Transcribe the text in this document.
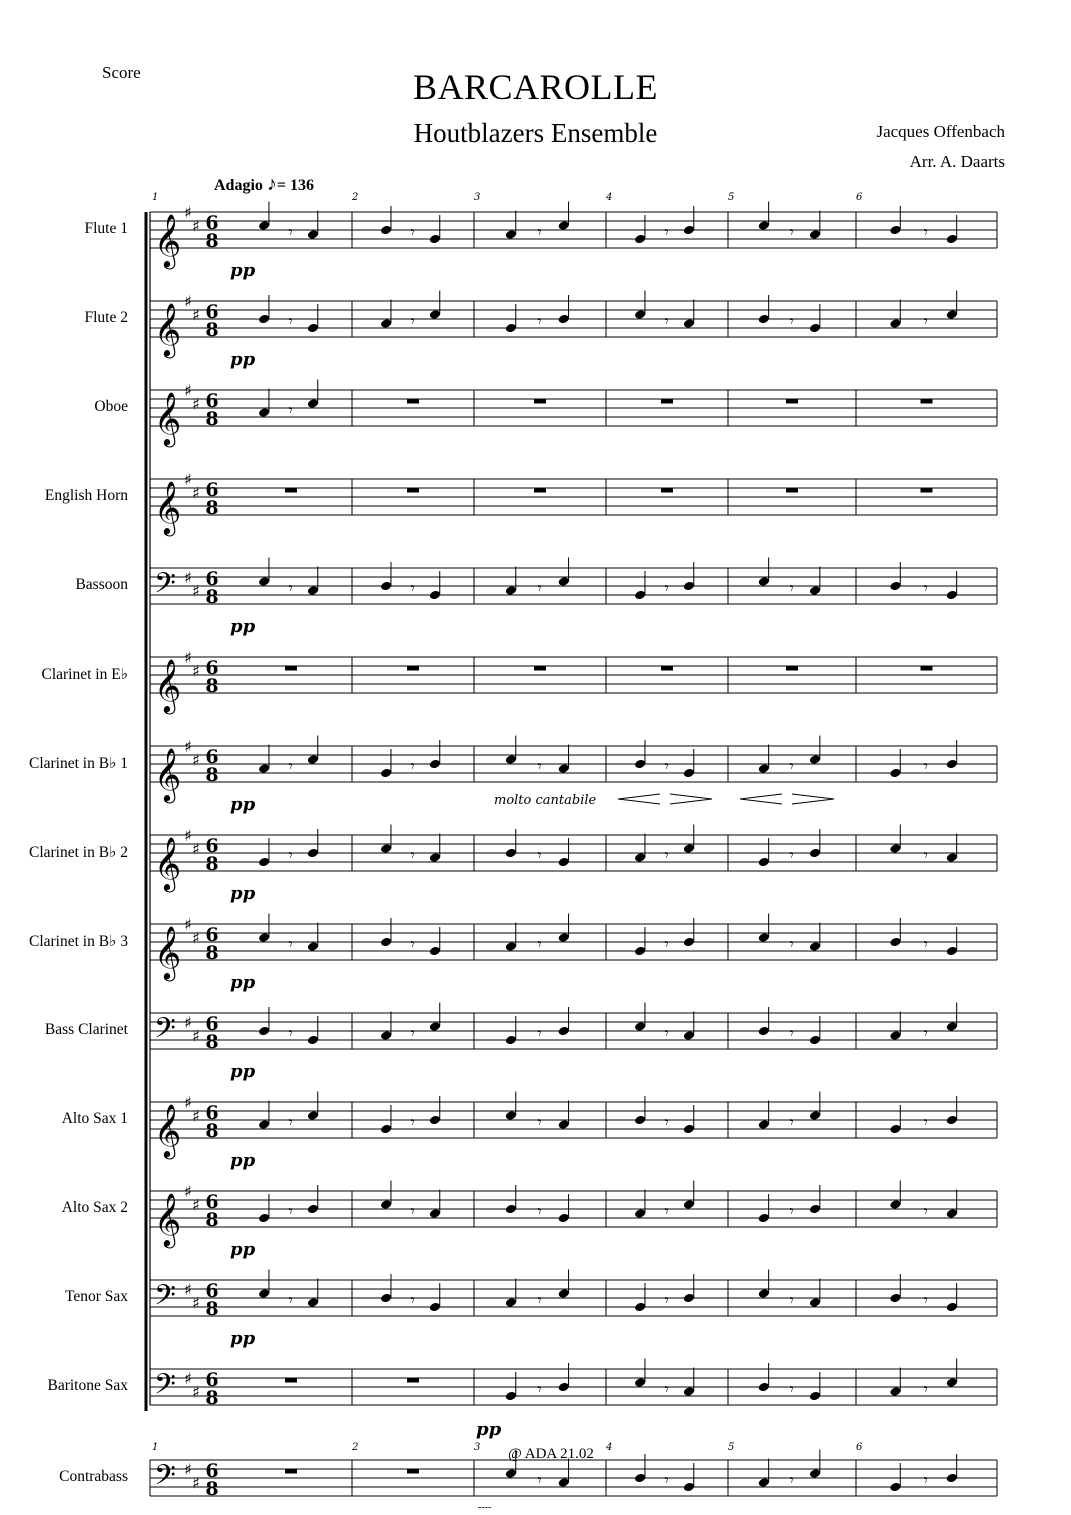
Score	BARCAROLLE
Houtblazers Ensemble	Jacques Offenbach
Arr. A. Daarts
Adagio ♪= 136
Flute 1
Flute 2
Oboe
English Horn
Bassoon
Clarinet in E♭
Clarinet in B♭ 1
Clarinet in B♭ 2
Clarinet in B♭ 3
Bass Clarinet
Alto Sax 1
Alto Sax 2
Tenor Sax
Baritone Sax
Contrabass
𝄞
♯
♯ 6
8	𝄾	𝄾	𝄾	𝄾	𝄾	𝄾
pp
𝄞
♯
♯ 6
8	𝄾	𝄾	𝄾	𝄾	𝄾	𝄾
pp
𝄞
♯
♯ 6
8	𝄾
𝄞
♯
♯ 6
8
𝄢 ♯
♯
6
8	𝄾	𝄾	𝄾	𝄾	𝄾	𝄾
pp
𝄞
♯
♯ 6
8
𝄞
♯
♯ 6
8	𝄾	𝄾	𝄾	𝄾	𝄾	𝄾
pp
𝄞
♯
♯ 6
8	𝄾	𝄾	𝄾	𝄾	𝄾	𝄾
pp
𝄞
♯
♯ 6
8	𝄾	𝄾	𝄾	𝄾	𝄾	𝄾
pp
𝄢 ♯
♯
6
8	𝄾	𝄾	𝄾	𝄾	𝄾	𝄾
pp
𝄞
♯
♯ 6
8	𝄾	𝄾	𝄾	𝄾	𝄾	𝄾
pp
𝄞
♯
♯ 6
8	𝄾	𝄾	𝄾	𝄾	𝄾	𝄾
pp
𝄢 ♯
♯
6
8	𝄾	𝄾	𝄾	𝄾	𝄾	𝄾
pp
𝄢 ♯
♯
6
8	𝄾	𝄾	𝄾	𝄾
pp
𝄢 ♯
♯
6
8	𝄾	𝄾	𝄾	𝄾
1	2	3	4	5	6
1	2	3	4	5	6
molto cantabile
@ ADA 21.02
----
